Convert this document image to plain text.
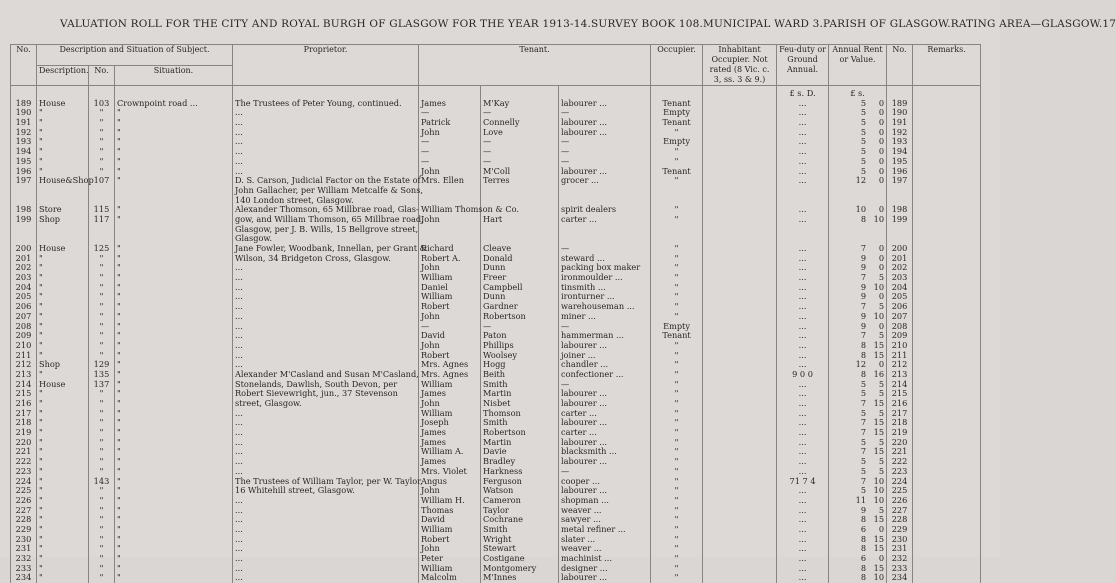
VALUATION ROLL FOR THE CITY AND ROYAL BURGH OF GLASGOW FOR THE YEAR 1913-14. SURVEY BOOK 108. MUNICIPAL WARD 3. PARISH OF GLASGOW. RATING AREA—GLASGOW. 17
No.	Description and Situation of Subject.			Proprietor.	Tenant.			Occupier.	Inhabitant Occupier. Not rated (8 Vic. c. 3, ss. 3 & 9.)	Feu-duty or Ground Annual.	Annual Rent or Value.	No.	Remarks.
	Description.	No.	Situation.										
										£ s. D.	£ s.		
189	House	103	Crownpoint road ...	The Trustees of Peter Young, continued.	James	M'Kay	labourer ...	Tenant		...	5 0	189	
190	"	"	"	...	—	—	—	Empty		...	5 0	190	
191	"	"	"	...	Patrick	Connelly	labourer ...	Tenant		...	5 0	191	
192	"	"	"	...	John	Love	labourer ...	"		...	5 0	192	
193	"	"	"	...	—	—	—	Empty		...	5 0	193	
194	"	"	"	...	—	—	—	"		...	5 0	194	
195	"	"	"	...	—	—	—	"		...	5 0	195	
196	"	"	"	...	John	M'Coll	labourer ...	Tenant		...	5 0	196	
197	House&Shop	107	"	D. S. Carson, Judicial Factor on the Estate of	Mrs. Ellen	Terres	grocer ...	"		...	12 0	197	
				John Gallacher, per William Metcalfe & Sons,									
				140 London street, Glasgow.									
198	Store	115	"	Alexander Thomson, 65 Millbrae road, Glas-	William Thomson & Co.		spirit dealers	"		...	10 0	198	
199	Shop	117	"	gow, and William Thomson, 65 Millbrae road,	John	Hart	carter ...	"		...	8 10	199	
				Glasgow, per J. B. Wills, 15 Bellgrove street,									
				Glasgow.									
200	House	125	"	Jane Fowler, Woodbank, Innellan, per Grant &	Richard	Cleave	—	"		...	7 0	200	
201	"	"	"	Wilson, 34 Bridgeton Cross, Glasgow.	Robert A.	Donald	steward ...	"		...	9 0	201	
202	"	"	"	...	John	Dunn	packing box maker	"		...	9 0	202	
203	"	"	"	...	William	Freer	ironmoulder ...	"		...	7 5	203	
204	"	"	"	...	Daniel	Campbell	tinsmith ...	"		...	9 10	204	
205	"	"	"	...	William	Dunn	ironturner ...	"		...	9 0	205	
206	"	"	"	...	Robert	Gardner	warehouseman ...	"		...	7 5	206	
207	"	"	"	...	John	Robertson	miner ...	"		...	9 10	207	
208	"	"	"	...	—	—	—	Empty		...	9 0	208	
209	"	"	"	...	David	Paton	hammerman ...	Tenant		...	7 5	209	
210	"	"	"	...	John	Phillips	labourer ...	"		...	8 15	210	
211	"	"	"	...	Robert	Woolsey	joiner ...	"		...	8 15	211	
212	Shop	129	"	...	Mrs. Agnes	Hogg	chandler ...	"		...	12 0	212	
213	"	135	"	Alexander M'Casland and Susan M'Casland,	Mrs. Agnes	Beith	confectioner ...	"		9 0 0	8 16	213	
214	House	137	"	Stonelands, Dawlish, South Devon, per	William	Smith	—	"		...	5 5	214	
215	"	"	"	Robert Sievewright, jun., 37 Stevenson	James	Martin	labourer ...	"		...	5 5	215	
216	"	"	"	street, Glasgow.	John	Nisbet	labourer ...	"		...	7 15	216	
217	"	"	"	...	William	Thomson	carter ...	"		...	5 5	217	
218	"	"	"	...	Joseph	Smith	labourer ...	"		...	7 15	218	
219	"	"	"	...	James	Robertson	carter ...	"		...	7 15	219	
220	"	"	"	...	James	Martin	labourer ...	"		...	5 5	220	
221	"	"	"	...	William A.	Davie	blacksmith ...	"		...	7 15	221	
222	"	"	"	...	James	Bradley	labourer ...	"		...	5 5	222	
223	"	"	"	...	Mrs. Violet	Harkness	—	"		...	5 5	223	
224	"	143	"	The Trustees of William Taylor, per W. Taylor,	Angus	Ferguson	cooper ...	"		71 7 4	7 10	224	
225	"	"	"	16 Whitehill street, Glasgow.	John	Watson	labourer ...	"		...	5 10	225	
226	"	"	"	...	William H.	Cameron	shopman ...	"		...	11 10	226	
227	"	"	"	...	Thomas	Taylor	weaver ...	"		...	9 5	227	
228	"	"	"	...	David	Cochrane	sawyer ...	"		...	8 15	228	
229	"	"	"	...	William	Smith	metal refiner ...	"		...	6 0	229	
230	"	"	"	...	Robert	Wright	slater ...	"		...	8 15	230	
231	"	"	"	...	John	Stewart	weaver ...	"		...	8 15	231	
232	"	"	"	...	Peter	Costigane	machinist ...	"		...	6 0	232	
233	"	"	"	...	William	Montgomery	designer ...	"		...	8 15	233	
234	"	"	"	...	Malcolm	M'Innes	labourer ...	"		...	8 10	234	
